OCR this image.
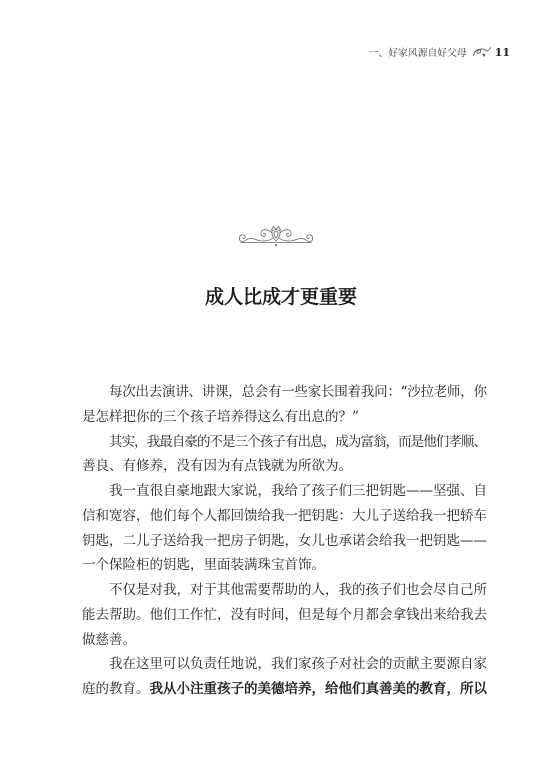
一、好家风源自好父母	11
成人比成才更重要
每次出去演讲、讲课，总会有一些家长围着我问：“沙拉老师，你
是怎样把你的三个孩子培养得这么有出息的？”
其实，我最自豪的不是三个孩子有出息，成为富翁，而是他们孝顺、
善良、有修养，没有因为有点钱就为所欲为。
我一直很自豪地跟大家说，我给了孩子们三把钥匙——坚强、自
信和宽容，他们每个人都回馈给我一把钥匙：大儿子送给我一把轿车
钥匙，二儿子送给我一把房子钥匙，女儿也承诺会给我一把钥匙——
一个保险柜的钥匙，里面装满珠宝首饰。
不仅是对我，对于其他需要帮助的人，我的孩子们也会尽自己所
能去帮助。他们工作忙，没有时间，但是每个月都会拿钱出来给我去
做慈善。
我在这里可以负责任地说，我们家孩子对社会的贡献主要源自家
庭的教育。我从小注重孩子的美德培养，给他们真善美的教育，所以
